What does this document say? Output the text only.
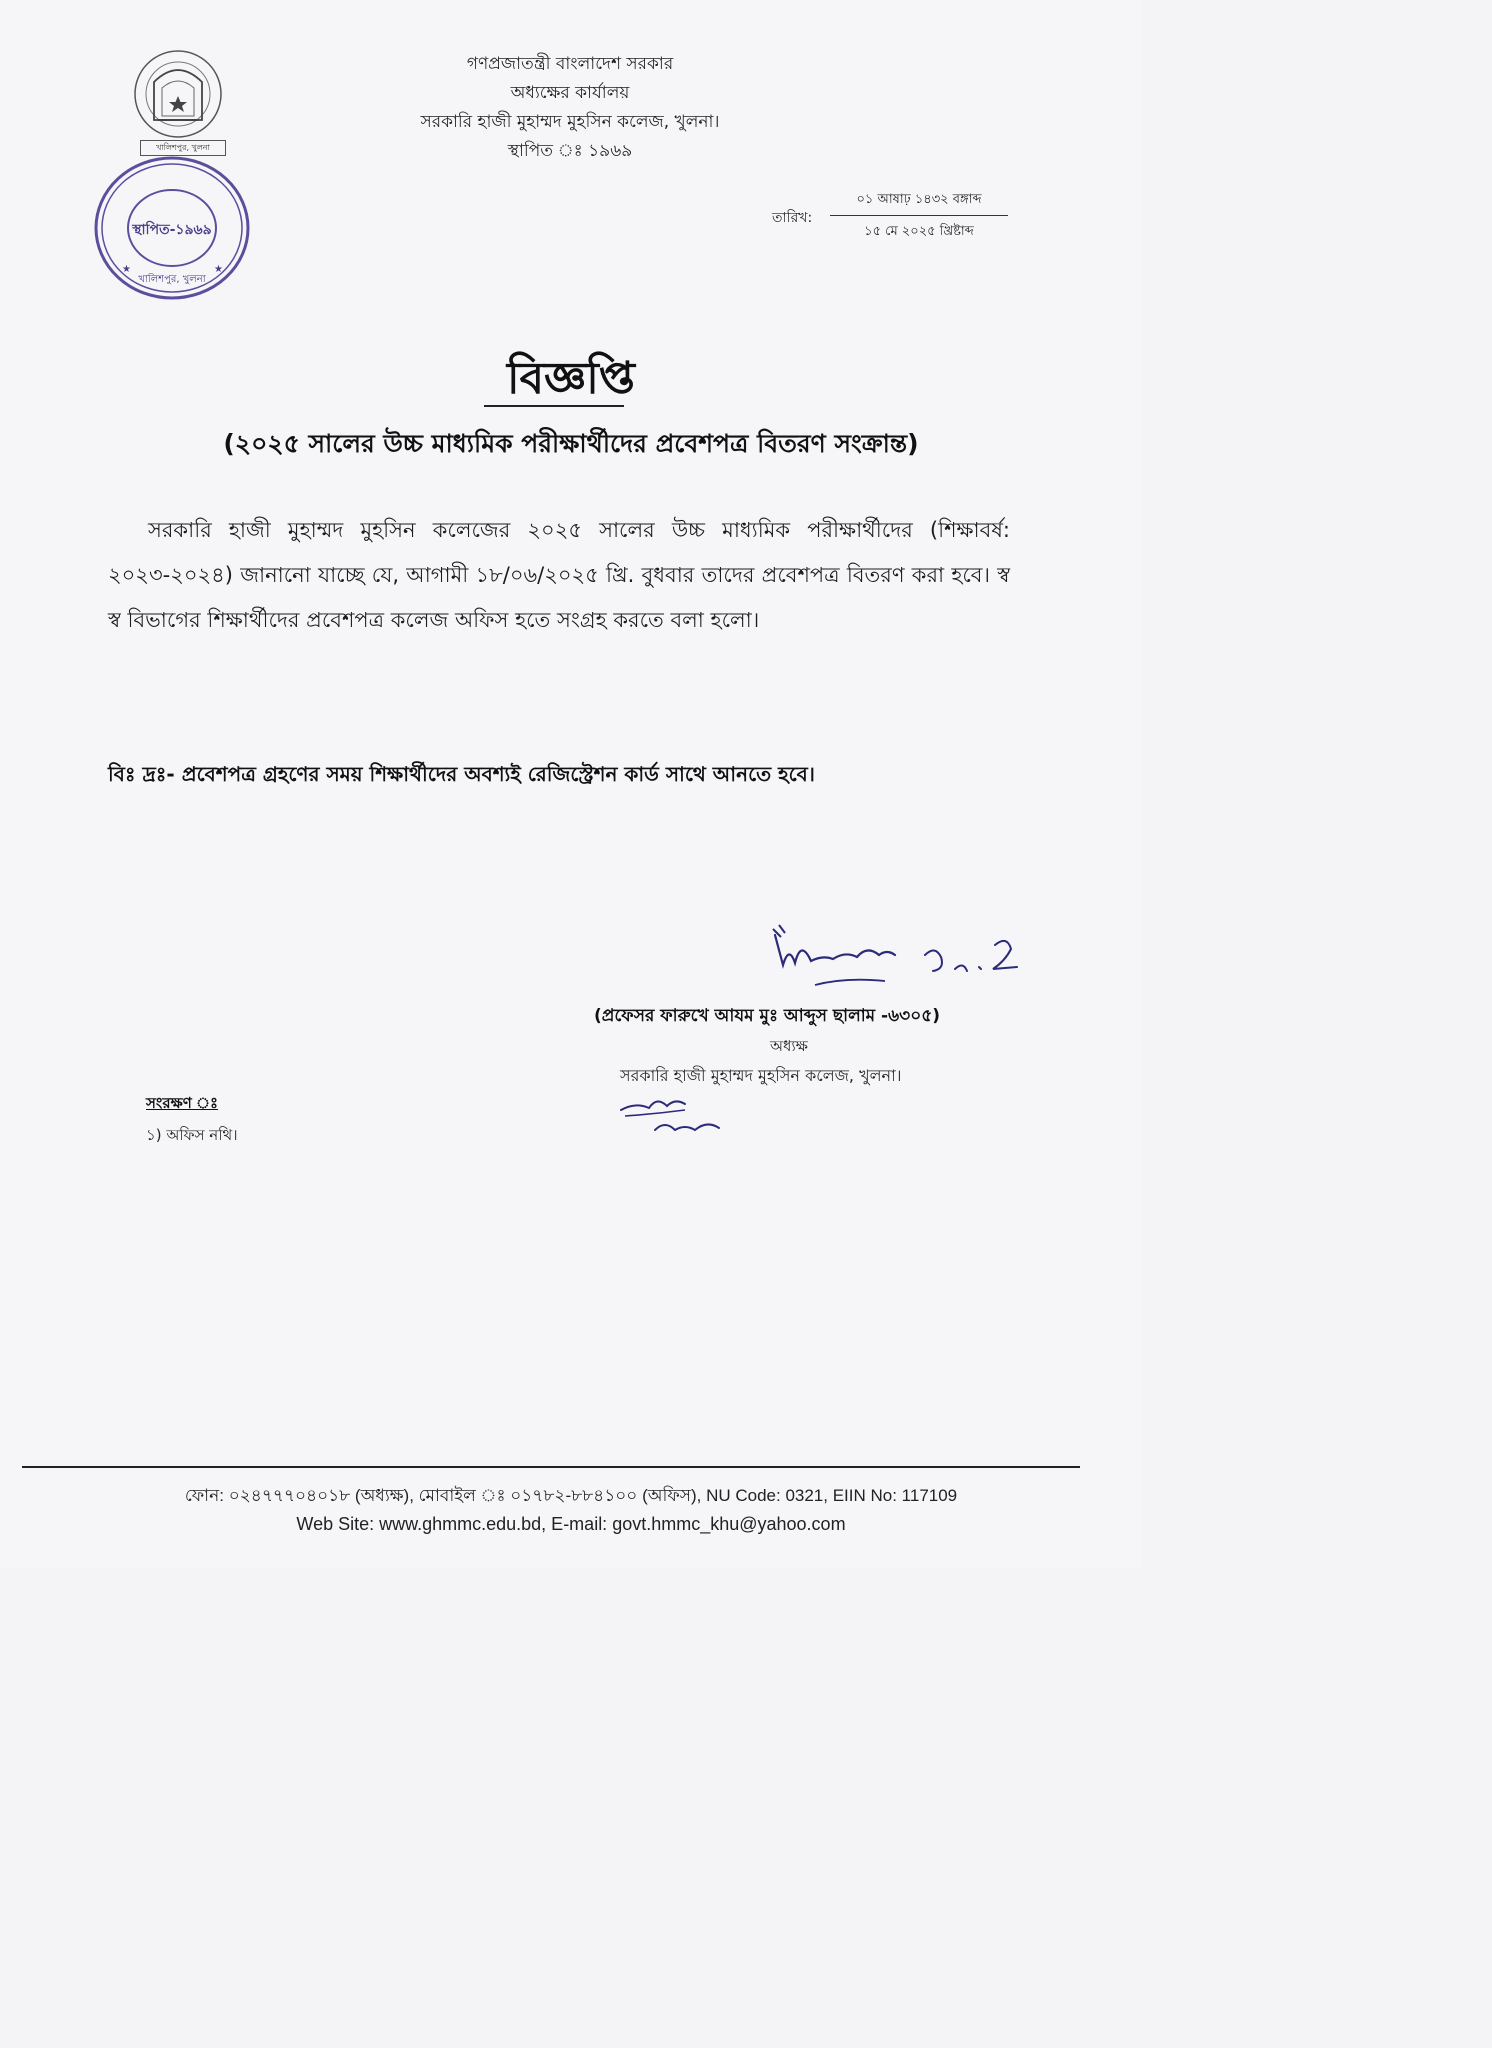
খালিশপুর, খুলনা
স্থাপিত-১৯৬৯
খালিশপুর, খুলনা
★	★
গণপ্রজাতন্ত্রী বাংলাদেশ সরকার
অধ্যক্ষের কার্যালয়
সরকারি হাজী মুহাম্মদ মুহসিন কলেজ, খুলনা।
স্থাপিত ঃ ১৯৬৯
তারিখ:
০১ আষাঢ় ১৪৩২ বঙ্গাব্দ
১৫ মে ২০২৫ খ্রিষ্টাব্দ
বিজ্ঞপ্তি
(২০২৫ সালের উচ্চ মাধ্যমিক পরীক্ষার্থীদের প্রবেশপত্র বিতরণ সংক্রান্ত)
সরকারি হাজী মুহাম্মদ মুহসিন কলেজের ২০২৫ সালের উচ্চ মাধ্যমিক পরীক্ষার্থীদের (শিক্ষাবর্ষ: ২০২৩-২০২৪) জানানো যাচ্ছে যে, আগামী ১৮/০৬/২০২৫ খ্রি. বুধবার তাদের প্রবেশপত্র বিতরণ করা হবে। স্ব স্ব বিভাগের শিক্ষার্থীদের প্রবেশপত্র কলেজ অফিস হতে সংগ্রহ করতে বলা হলো।
বিঃ দ্রঃ- প্রবেশপত্র গ্রহণের সময় শিক্ষার্থীদের অবশ্যই রেজিস্ট্রেশন কার্ড সাথে আনতে হবে।
(প্রফেসর ফারুখে আযম মুঃ আব্দুস ছালাম -৬৩০৫)
অধ্যক্ষ
সরকারি হাজী মুহাম্মদ মুহসিন কলেজ, খুলনা।
সংরক্ষণ ঃ
১) অফিস নথি।
ফোন: ০২৪৭৭৭০৪০১৮ (অধ্যক্ষ), মোবাইল ঃ ০১৭৮২-৮৮৪১০০ (অফিস), NU Code: 0321, EIIN No: 117109
Web Site: www.ghmmc.edu.bd, E-mail: govt.hmmc_khu@yahoo.com
